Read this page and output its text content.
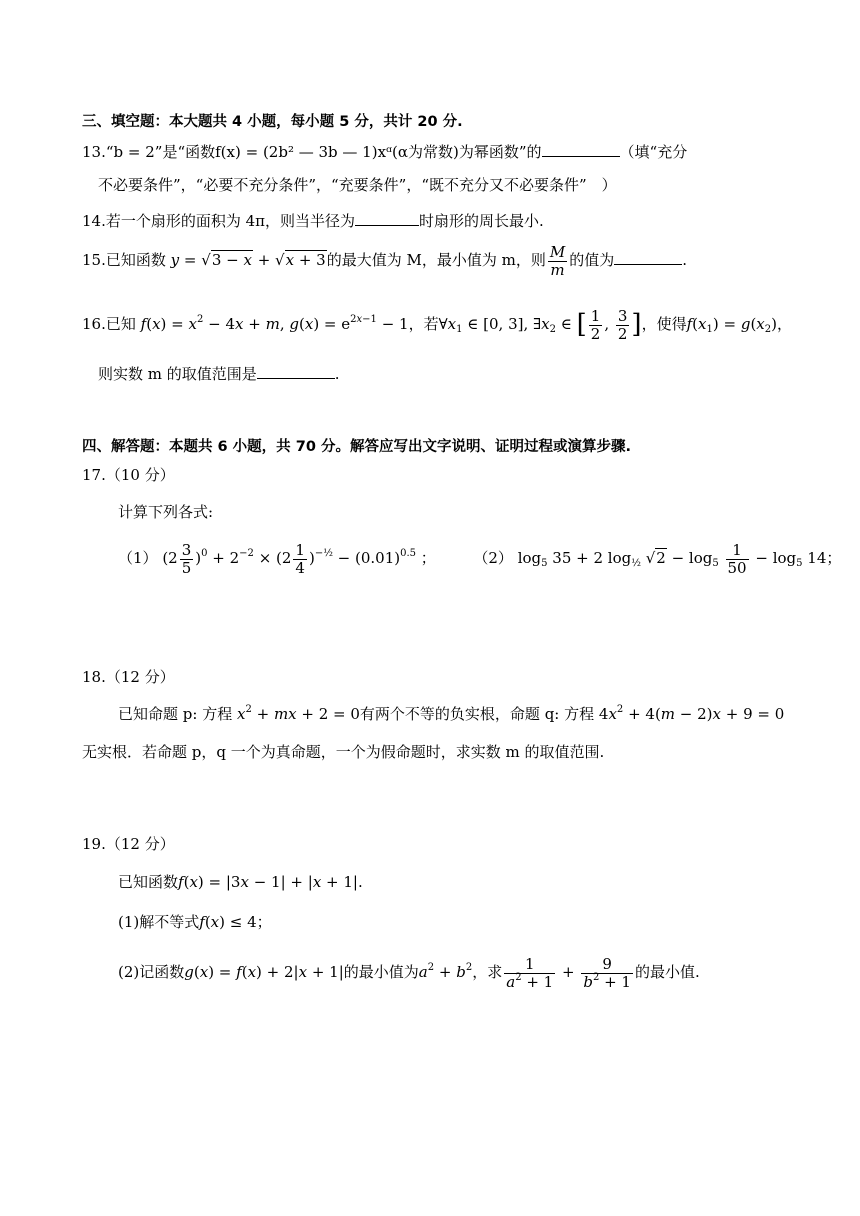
三、填空题：本大题共 4 小题，每小题 5 分，共计 20 分.
13.“b = 2”是“函数f(x) = (2b² — 3b — 1)xᵅ(α为常数)为幂函数”的	（填“充分
不必要条件”，“必要不充分条件”，“充要条件”，“既不充分又不必要条件”　）
14.若一个扇形的面积为 4π，则当半径为	时扇形的周长最小.
15.已知函数 y = √3 − x + √x + 3的最大值为 M，最小值为 m，则 $\frac{M}{m}$ 的值为	.
16.已知 $f(x) = x^2 - 4x + m$, $g(x) = e^{2x-1} - 1$，若$\forall x_1$ ∈ [0, 3], $\exists x_2$ ∈ [ $\frac{1}{2}$ , $\frac{3}{2}$ ]，使得$f(x_1) = g(x_2)$，
则实数 m 的取值范围是	.
四、解答题：本题共 6 小题，共 70 分。解答应写出文字说明、证明过程或演算步骤.
17.（10 分）
计算下列各式:
（1） $(2 \frac{3}{5} )^0 + 2^{-2} \times (2 \frac{1}{4} )^{-\frac{1}{2}} - (0.01)^{0.5}$ ；	（2） $\log_5 35 + 2$ $\log_{\frac{1}{2}} √2 - \log_5 \frac{1}{50} - \log_5 14$；
18.（12 分）
已知命题 p: 方程 $x^2$ + mx + 2 = 0有两个不等的负实根，命题 q: 方程 $4x^2 + 4(m - 2)x + 9 = 0$
无实根．若命题 p，q 一个为真命题，一个为假命题时，求实数 m 的取值范围.
19.（12 分）
已知函数f(x) = |3x − 1| + |x + 1|.
(1)解不等式f(x) ≤ 4；
(2)记函数g(x) = f(x) + 2|x + 1|的最小值为$a^2 + b^2$，求 $\frac{1}{a^2 + 1} + \frac{9}{b^2 + 1}$ 的最小值.
